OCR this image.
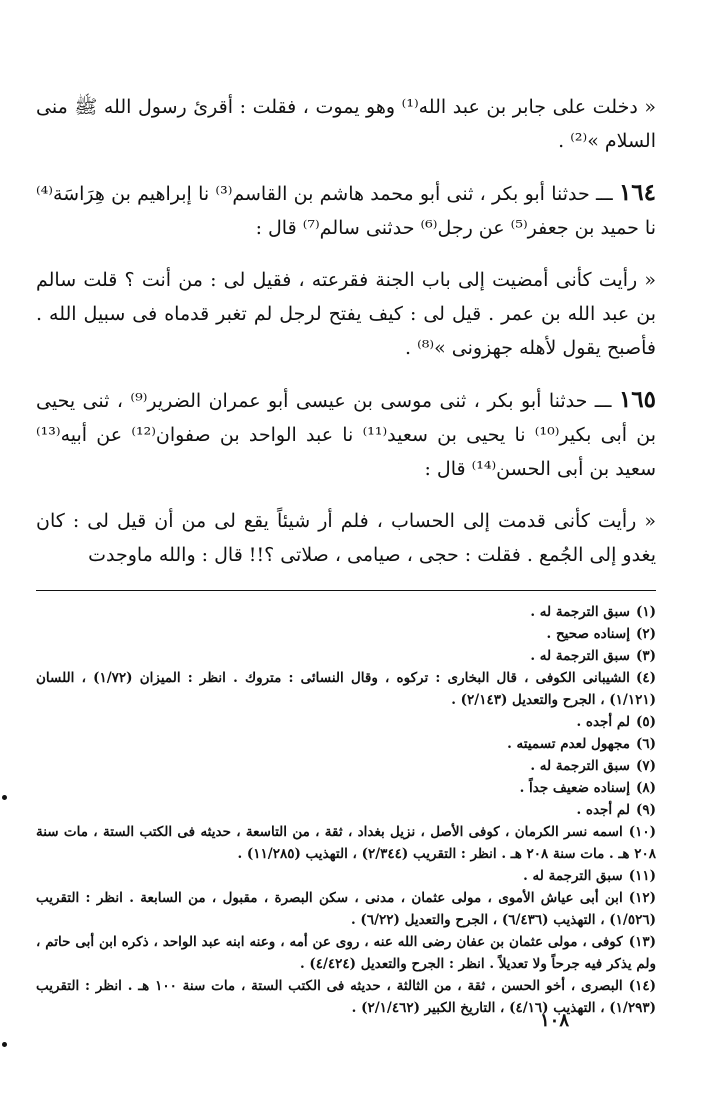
« دخلت على جابر بن عبد الله⁽¹⁾ وهو يموت ، فقلت : أقرئ رسول الله ﷺ منى السلام »⁽²⁾ .

١٦٤ ـــ حدثنا أبو بكر ، ثنى أبو محمد هاشم بن القاسم⁽³⁾ نا إبراهيم بن هِرَاسَة⁽⁴⁾ نا حميد بن جعفر⁽⁵⁾ عن رجل⁽⁶⁾ حدثنى سالم⁽⁷⁾ قال :

« رأيت كأنى أمضيت إلى باب الجنة فقرعته ، فقيل لى : من أنت ؟ قلت سالم بن عبد الله بن عمر . قيل لى : كيف يفتح لرجل لم تغبر قدماه فى سبيل الله . فأصبح يقول لأهله جهزونى »⁽⁸⁾ .

١٦٥ ـــ حدثنا أبو بكر ، ثنى موسى بن عيسى أبو عمران الضرير⁽⁹⁾ ، ثنى يحيى بن أبى بكير⁽¹⁰⁾ نا يحيى بن سعيد⁽¹¹⁾ نا عبد الواحد بن صفوان⁽¹²⁾ عن أبيه⁽¹³⁾ سعيد بن أبى الحسن⁽¹⁴⁾ قال :

« رأيت كأنى قدمت إلى الحساب ، فلم أر شيئاً يقع لى من أن قيل لى : كان يغدو إلى الجُمع . فقلت : حجى ، صيامى ، صلاتى ؟!! قال : والله ماوجدت

(١)سبق الترجمة له .
(٢)إسناده صحيح .
(٣)سبق الترجمة له .
(٤)الشيبانى الكوفى ، قال البخارى : تركوه ، وقال النسائى : متروك . انظر : الميزان (١/٧٢) ، اللسان (١/١٢١) ، الجرح والتعديل (٢/١٤٣) .
(٥)لم أجده .
(٦)مجهول لعدم تسميته .
(٧)سبق الترجمة له .
(٨)إسناده ضعيف جداً .
(٩)لم أجده .
(١٠)اسمه نسر الكرمان ، كوفى الأصل ، نزيل بغداد ، ثقة ، من التاسعة ، حديثه فى الكتب الستة ، مات سنة ٢٠٨ هـ . مات سنة ٢٠٨ هـ . انظر : التقريب (٢/٣٤٤) ، التهذيب (١١/٢٨٥) .
(١١)سبق الترجمة له .
(١٢)ابن أبى عياش الأموى ، مولى عثمان ، مدنى ، سكن البصرة ، مقبول ، من السابعة . انظر : التقريب (١/٥٢٦) ، التهذيب (٦/٤٣٦) ، الجرح والتعديل (٦/٢٢) .
(١٣)كوفى ، مولى عثمان بن عفان رضى الله عنه ، روى عن أمه ، وعنه ابنه عبد الواحد ، ذكره ابن أبى حاتم ، ولم يذكر فيه جرحاً ولا تعديلاً . انظر : الجرح والتعديل (٤/٤٢٤) .
(١٤)البصرى ، أخو الحسن ، ثقة ، من الثالثة ، حديثه فى الكتب الستة ، مات سنة ١٠٠ هـ . انظر : التقريب (١/٢٩٣) ، التهذيب (٤/١٦) ، التاريخ الكبير (٢/١/٤٦٢) .
١٠٨
